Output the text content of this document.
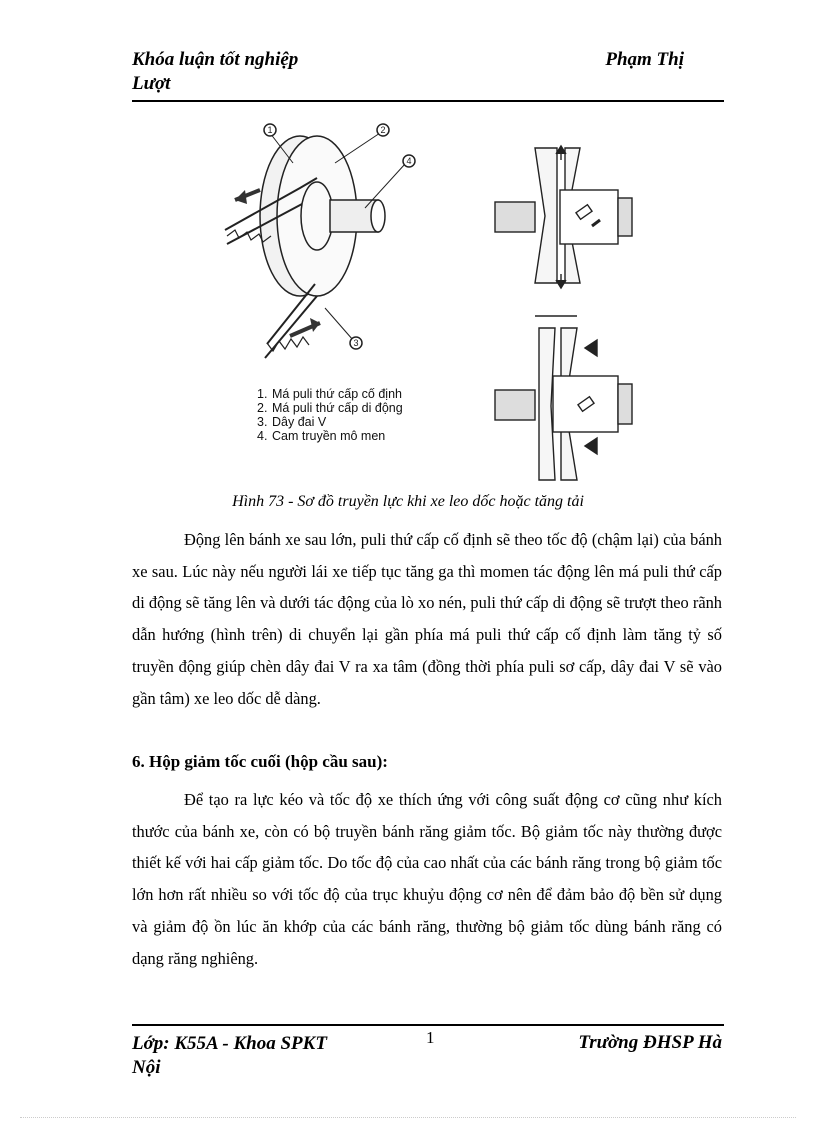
Khóa luận tốt nghiệp
Lượt
Phạm Thị
1	2
4
3
1. Má puli thứ cấp cố định
2. Má puli thứ cấp di động
3. Dây đai V
4. Cam truyền mô men
Hình 73 - Sơ đồ truyền lực khi xe leo dốc hoặc tăng tải
Động lên bánh xe sau lớn, puli thứ cấp cố định sẽ theo tốc độ (chậm lại) của bánh xe sau. Lúc này nếu người lái xe tiếp tục tăng ga thì momen tác động lên má puli thứ cấp di động sẽ tăng lên và dưới tác động của lò xo nén, puli thứ cấp di động sẽ trượt theo rãnh dẫn hướng (hình trên) di chuyển lại gần phía má puli thứ cấp cố định làm tăng tỷ số truyền động giúp chèn dây đai V ra xa tâm (đồng thời phía puli sơ cấp, dây đai V sẽ vào gần tâm) xe leo dốc dễ dàng.
6. Hộp giảm tốc cuối (hộp cầu sau):
Để tạo ra lực kéo và tốc độ xe thích ứng với công suất động cơ cũng như kích thước của bánh xe, còn có bộ truyền bánh răng giảm tốc. Bộ giảm tốc này thường được thiết kế với hai cấp giảm tốc. Do tốc độ của cao nhất của các bánh răng trong bộ giảm tốc lớn hơn rất nhiều so với tốc độ của trục khuỷu động cơ nên để đảm bảo độ bền sử dụng và giảm độ ồn lúc ăn khớp của các bánh răng, thường bộ giảm tốc dùng bánh răng có dạng răng nghiêng.
Lớp: K55A - Khoa SPKT
Nội
1	Trường ĐHSP Hà
